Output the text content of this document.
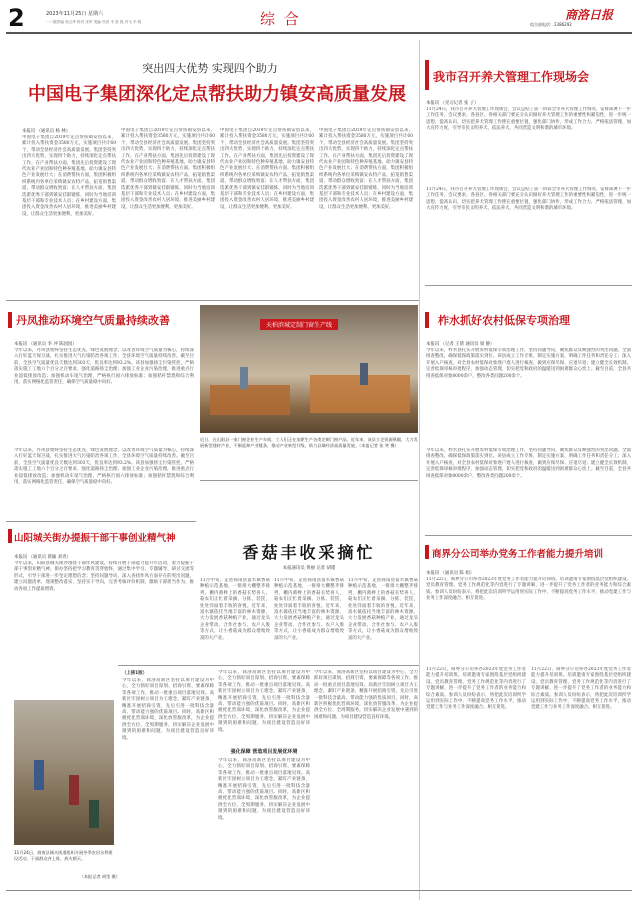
2	2023年11月25日 星期六
一二版责编 尚文华 校对 宋军 美编 冯世 韦 张 段 冯飞 平 明	综 合	商洛日报
综合部电话：2386292
突出四大优势 实现四个助力
中国电子集团深化定点帮扶助力镇安高质量发展
本报讯 （通讯员 杨 林）
中国电子集团自2019年定点帮扶镇安县以来，累计投入帮扶资金3580万元，实施项目共计60个，带动全县经济社会高质量发展。集团坚持突出四大优势，实现四个助力，持续深化定点帮扶工作。在产业帮扶方面，集团先后投资建设了现代农业产业园和特色种养殖基地，助力镇安县特色产业发展壮大；在消费帮扶方面，集团积极组织系统内各单位采购镇安农特产品，拓宽销售渠道，带动群众增收致富；在人才帮扶方面，集团选派优秀干部到镇安挂职锻炼，同时为当地培训基层干部和专业技术人员；在乡村建设方面，集团投入资金改善农村人居环境，推进美丽乡村建设，让群众生活更加便利、更加美好。
中国电子集团自2019年定点帮扶镇安县以来，累计投入帮扶资金3580万元，实施项目共计60个，带动全县经济社会高质量发展。集团坚持突出四大优势，实现四个助力，持续深化定点帮扶工作。在产业帮扶方面，集团先后投资建设了现代农业产业园和特色种养殖基地，助力镇安县特色产业发展壮大；在消费帮扶方面，集团积极组织系统内各单位采购镇安农特产品，拓宽销售渠道，带动群众增收致富；在人才帮扶方面，集团选派优秀干部到镇安挂职锻炼，同时为当地培训基层干部和专业技术人员；在乡村建设方面，集团投入资金改善农村人居环境，推进美丽乡村建设，让群众生活更加便利、更加美好。
中国电子集团自2019年定点帮扶镇安县以来，累计投入帮扶资金3580万元，实施项目共计60个，带动全县经济社会高质量发展。集团坚持突出四大优势，实现四个助力，持续深化定点帮扶工作。在产业帮扶方面，集团先后投资建设了现代农业产业园和特色种养殖基地，助力镇安县特色产业发展壮大；在消费帮扶方面，集团积极组织系统内各单位采购镇安农特产品，拓宽销售渠道，带动群众增收致富；在人才帮扶方面，集团选派优秀干部到镇安挂职锻炼，同时为当地培训基层干部和专业技术人员；在乡村建设方面，集团投入资金改善农村人居环境，推进美丽乡村建设，让群众生活更加便利、更加美好。
中国电子集团自2019年定点帮扶镇安县以来，累计投入帮扶资金3580万元，实施项目共计60个，带动全县经济社会高质量发展。集团坚持突出四大优势，实现四个助力，持续深化定点帮扶工作。在产业帮扶方面，集团先后投资建设了现代农业产业园和特色种养殖基地，助力镇安县特色产业发展壮大；在消费帮扶方面，集团积极组织系统内各单位采购镇安农特产品，拓宽销售渠道，带动群众增收致富；在人才帮扶方面，集团选派优秀干部到镇安挂职锻炼，同时为当地培训基层干部和专业技术人员；在乡村建设方面，集团投入资金改善农村人居环境，推进美丽乡村建设，让群众生活更加便利、更加美好。
我市召开养犬管理工作现场会
本报讯 （见习记者 张 子）
11月24日，我市召开养犬管理工作现场会，会议总结了前一阶段全市养犬管理工作情况，安排部署下一步工作任务。会议要求，各县区、各相关部门要充分认识做好养犬管理工作的重要性和紧迫性，进一步统一思想，提高认识，切实把养犬管理工作摆在重要位置，强化部门协作，形成工作合力，严格依法管理，加大宣传力度，引导市民文明养犬、依法养犬，共同营造文明和谐的城市环境。
11月24日，我市召开养犬管理工作现场会，会议总结了前一阶段全市养犬管理工作情况，安排部署下一步工作任务。会议要求，各县区、各相关部门要充分认识做好养犬管理工作的重要性和紧迫性，进一步统一思想，提高认识，切实把养犬管理工作摆在重要位置，强化部门协作，形成工作合力，严格依法管理，加大宣传力度，引导市民文明养犬、依法养犬，共同营造文明和谐的城市环境。
丹凤推动环境空气质量持续改善
本报讯 （通讯员 李 冲 陈园园）
今年以来，丹凤县始终坚持生态优先、绿色发展理念，以改善环境空气质量为核心，持续深入打好蓝天保卫战，扎实推进大气污染防治各项工作，全县环境空气质量持续改善。截至目前，全县空气质量优良天数达到303天，优良率达到93.2%。该县加强扬尘污染管控，严格落实施工工地六个百分之百要求，强化道路扬尘治理；加强工业企业污染治理，推进重点行业超低排放改造；加强机动车尾气治理，严格执行国六排放标准；加强秸秆禁烧和综合利用，落实网格化监管责任，确保空气质量稳中向好。
今年以来，丹凤县始终坚持生态优先、绿色发展理念，以改善环境空气质量为核心，持续深入打好蓝天保卫战，扎实推进大气污染防治各项工作，全县环境空气质量持续改善。截至目前，全县空气质量优良天数达到303天，优良率达到93.2%。该县加强扬尘污染管控，严格落实施工工地六个百分之百要求，强化道路扬尘治理；加强工业企业污染治理，推进重点行业超低排放改造；加强机动车尾气治理，严格执行国六排放标准；加强秸秆禁烧和综合利用，落实网格化监管责任，确保空气质量稳中向好。
天柏滨城定制门窗生产线
近日，在山阳县一家门窗企业生产车间，工人们正在加紧生产各类定制门窗产品。近年来，该县立足资源禀赋，大力发展新型建材产业，不断延伸产业链条，推动产业转型升级，助力县域经济高质量发展。（本报记者 张 笑 摄）
柞水抓好农村低保专项治理
本报讯 （记者 王倩 通讯员 梁 静）
今年以来，柞水县扎实开展农村低保专项治理工作，坚持问题导向，聚焦群众反映强烈的突出问题，全面排查整改，确保低保政策落实到位。该县成立工作专班，制定实施方案，明确工作任务和责任分工；深入开展入户核查，对全县农村低保对象逐户逐人进行核查，做到应保尽保、应退尽退；建立健全长效机制，完善低保审核审批程序，加强动态管理，切实把党和政府的温暖送到困难群众心坎上。截至目前，全县共排查低保对象8000余户，整改各类问题200余个。
今年以来，柞水县扎实开展农村低保专项治理工作，坚持问题导向，聚焦群众反映强烈的突出问题，全面排查整改，确保低保政策落实到位。该县成立工作专班，制定实施方案，明确工作任务和责任分工；深入开展入户核查，对全县农村低保对象逐户逐人进行核查，做到应保尽保、应退尽退；建立健全长效机制，完善低保审核审批程序，加强动态管理，切实把党和政府的温暖送到困难群众心坎上。截至目前，全县共排查低保对象8000余户，整改各类问题200余个。
山阳城关街办提振干部干事创业精气神
本报讯 （通讯员 蔡颖 刘青）
今年以来，山阳县城关街办围绕干部作风建设，持续开展干部能力提升年活动，着力提振干部干事创业精气神。街办坚持把学习教育贯穿始终，通过集中学习、专题辅导、研讨交流等形式，引导干部进一步坚定理想信念；坚持问题导向，深入查找作风方面存在的突出问题，建立问题清单，逐项整改落实；坚持实干导向，完善考核评价机制，激励干部担当作为，推动各项工作提质增效。
11月24日，商南县城关街道组织开展冬季农田水利建设活动，干部群众齐上阵，热火朝天。
（本报记者 胡莹 摄）
香菇丰收采摘忙
本报通讯员 黄丽 记者 胡瑾
11月中旬，走进商南县富水镇香菇种植示范基地，一排排大棚整齐排列，棚内菌棒上的香菇长势喜人，菇农们正忙着采摘、分拣、装筐，处处洋溢着丰收的喜悦。近年来，富水镇依托当地丰富的林木资源，大力发展香菇种植产业，通过龙头企业带动、合作社参与、农户入股等方式，让小香菇成为群众增收致富的大产业。
11月中旬，走进商南县富水镇香菇种植示范基地，一排排大棚整齐排列，棚内菌棒上的香菇长势喜人，菇农们正忙着采摘、分拣、装筐，处处洋溢着丰收的喜悦。近年来，富水镇依托当地丰富的林木资源，大力发展香菇种植产业，通过龙头企业带动、合作社参与、农户入股等方式，让小香菇成为群众增收致富的大产业。
11月中旬，走进商南县富水镇香菇种植示范基地，一排排大棚整齐排列，棚内菌棒上的香菇长势喜人，菇农们正忙着采摘、分拣、装筐，处处洋溢着丰收的喜悦。近年来，富水镇依托当地丰富的林木资源，大力发展香菇种植产业，通过龙头企业带动、合作社参与、农户入股等方式，让小香菇成为群众增收致富的大产业。
（上接1版）
今年以来，商洛高新区坚持以项目建设为中心，全力抓好项目谋划、招商引资、要素保障等各项工作，推动一批重点项目落地见效。高新区牢固树立项目为王理念，紧盯产业链条，精准开展招商引资，先后引进一批科技含量高、带动能力强的优质项目。同时，高新区积极优化营商环境，深化放管服改革，为企业提供全方位、全周期服务，切实解决企业发展中遇到的困难和问题，为项目建设营造良好环境。
今年以来，商洛高新区坚持以项目建设为中心，全力抓好项目谋划、招商引资、要素保障等各项工作，推动一批重点项目落地见效。高新区牢固树立项目为王理念，紧盯产业链条，精准开展招商引资，先后引进一批科技含量高、带动能力强的优质项目。同时，高新区积极优化营商环境，深化放管服改革，为企业提供全方位、全周期服务，切实解决企业发展中遇到的困难和问题，为项目建设营造良好环境。
强化保障 营造项目发展优环境
今年以来，商洛高新区坚持以项目建设为中心，全力抓好项目谋划、招商引资、要素保障等各项工作，推动一批重点项目落地见效。高新区牢固树立项目为王理念，紧盯产业链条，精准开展招商引资，先后引进一批科技含量高、带动能力强的优质项目。同时，高新区积极优化营商环境，深化放管服改革，为企业提供全方位、全周期服务，切实解决企业发展中遇到的困难和问题，为项目建设营造良好环境。
今年以来，商洛高新区坚持以项目建设为中心，全力抓好项目谋划、招商引资、要素保障等各项工作，推动一批重点项目落地见效。高新区牢固树立项目为王理念，紧盯产业链条，精准开展招商引资，先后引进一批科技含量高、带动能力强的优质项目。同时，高新区积极优化营商环境，深化放管服改革，为企业提供全方位、全周期服务，切实解决企业发展中遇到的困难和问题，为项目建设营造良好环境。
商界分公司举办党务工作者能力提升培训
本报讯 （通讯员 陈 娟）
11月22日，商界分公司举办2023年度党务工作者能力提升培训班。培训邀请专家围绕基层党组织建设、党员教育管理、党务工作规范化等内容进行了专题讲解，进一步提升了党务工作者的业务能力和综合素质。参训人员纷纷表示，将把此次培训所学运用到实际工作中，不断提高党务工作水平，推动党建工作与业务工作深度融合、相互促进。
11月22日，商界分公司举办2023年度党务工作者能力提升培训班。培训邀请专家围绕基层党组织建设、党员教育管理、党务工作规范化等内容进行了专题讲解，进一步提升了党务工作者的业务能力和综合素质。参训人员纷纷表示，将把此次培训所学运用到实际工作中，不断提高党务工作水平，推动党建工作与业务工作深度融合、相互促进。
11月22日，商界分公司举办2023年度党务工作者能力提升培训班。培训邀请专家围绕基层党组织建设、党员教育管理、党务工作规范化等内容进行了专题讲解，进一步提升了党务工作者的业务能力和综合素质。参训人员纷纷表示，将把此次培训所学运用到实际工作中，不断提高党务工作水平，推动党建工作与业务工作深度融合、相互促进。
